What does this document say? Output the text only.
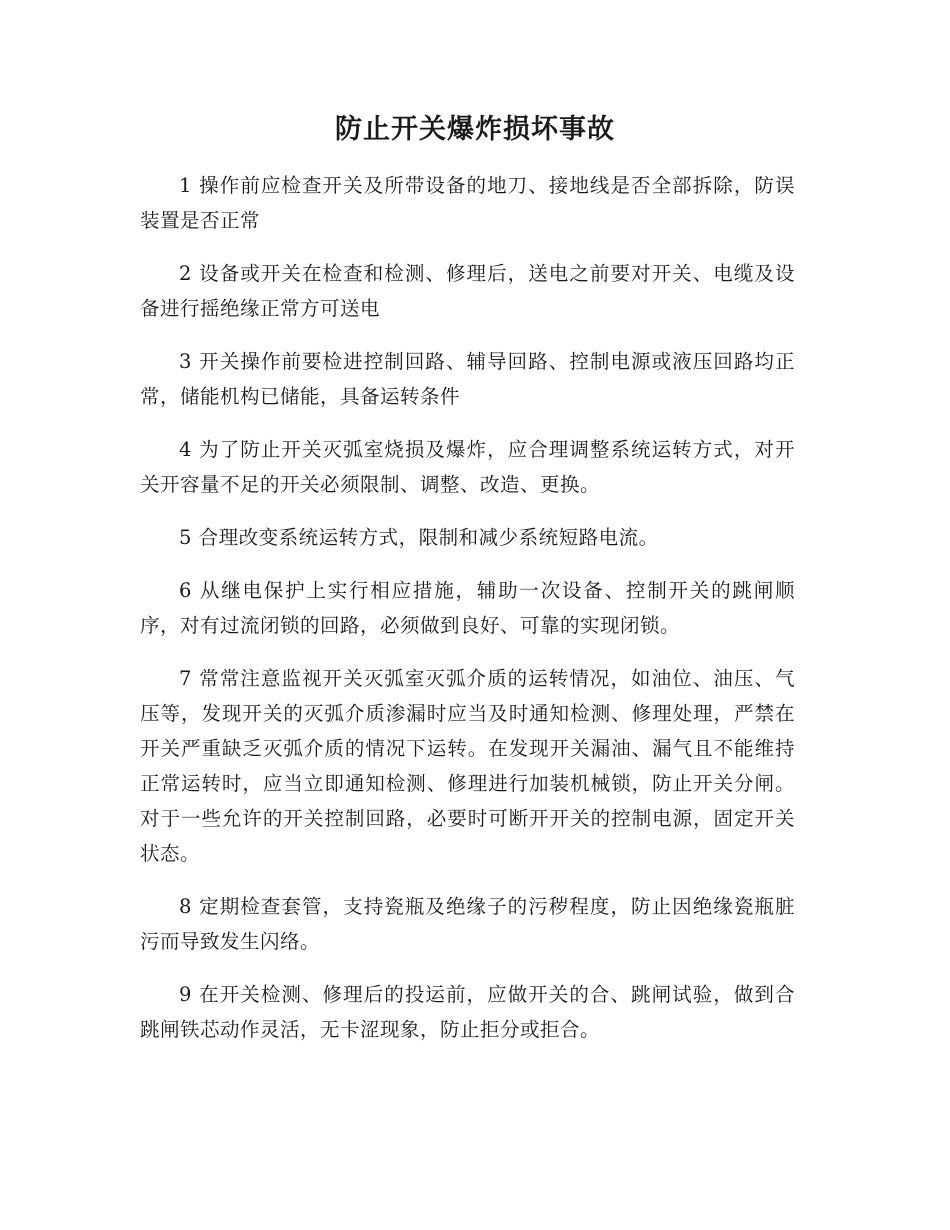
防止开关爆炸损坏事故

1 操作前应检查开关及所带设备的地刀、接地线是否全部拆除，防误装置是否正常

2 设备或开关在检查和检测、修理后，送电之前要对开关、电缆及设备进行摇绝缘正常方可送电

3 开关操作前要检进控制回路、辅导回路、控制电源或液压回路均正常，储能机构已储能，具备运转条件

4 为了防止开关灭弧室烧损及爆炸，应合理调整系统运转方式，对开关开容量不足的开关必须限制、调整、改造、更换。

5 合理改变系统运转方式，限制和减少系统短路电流。

6 从继电保护上实行相应措施，辅助一次设备、控制开关的跳闸顺序，对有过流闭锁的回路，必须做到良好、可靠的实现闭锁。

7 常常注意监视开关灭弧室灭弧介质的运转情况，如油位、油压、气压等，发现开关的灭弧介质渗漏时应当及时通知检测、修理处理，严禁在开关严重缺乏灭弧介质的情况下运转。在发现开关漏油、漏气且不能维持正常运转时，应当立即通知检测、修理进行加装机械锁，防止开关分闸。对于一些允许的开关控制回路，必要时可断开开关的控制电源，固定开关状态。

8 定期检查套管，支持瓷瓶及绝缘子的污秽程度，防止因绝缘瓷瓶脏污而导致发生闪络。

9 在开关检测、修理后的投运前，应做开关的合、跳闸试验，做到合跳闸铁芯动作灵活，无卡涩现象，防止拒分或拒合。
